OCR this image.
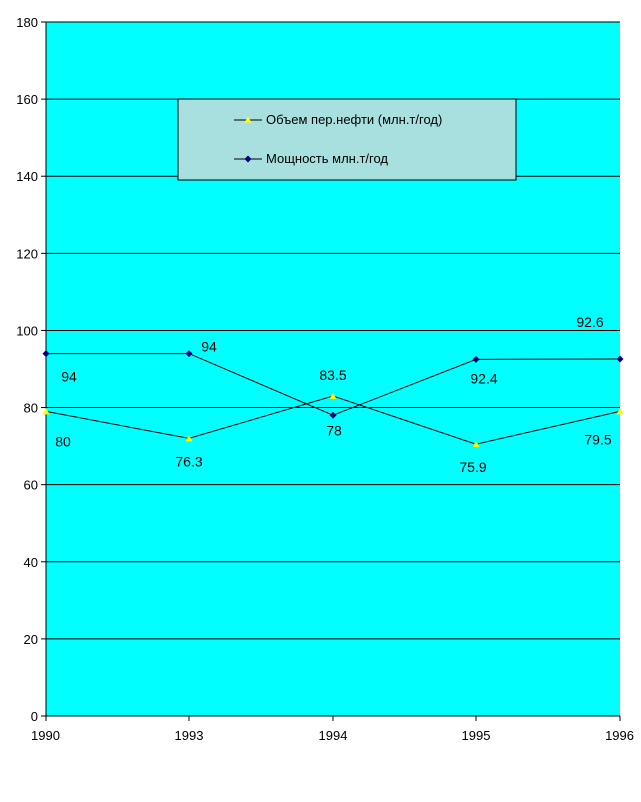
0
20
40
60
80
100
120
140
160
180
1990	1993	1994	1995	1996
80
76.3
83.5
75.9
79.5
94
94
78
92.4
92.6
Объем пер.нефти (млн.т/год)
Мощность млн.т/год
